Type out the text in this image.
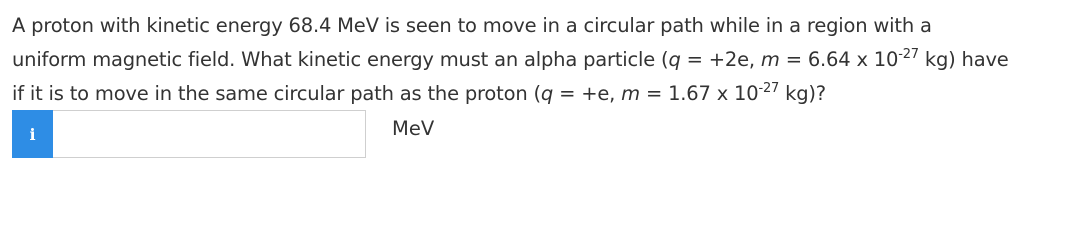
A proton with kinetic energy 68.4 MeV is seen to move in a circular path while in a region with a
uniform magnetic field. What kinetic energy must an alpha particle (q = +2e, m = 6.64 x $10^{-27}$ kg) have
if it is to move in the same circular path as the proton (q = +e, m = 1.67 x $10^{-27}$ kg)?
i	MeV
